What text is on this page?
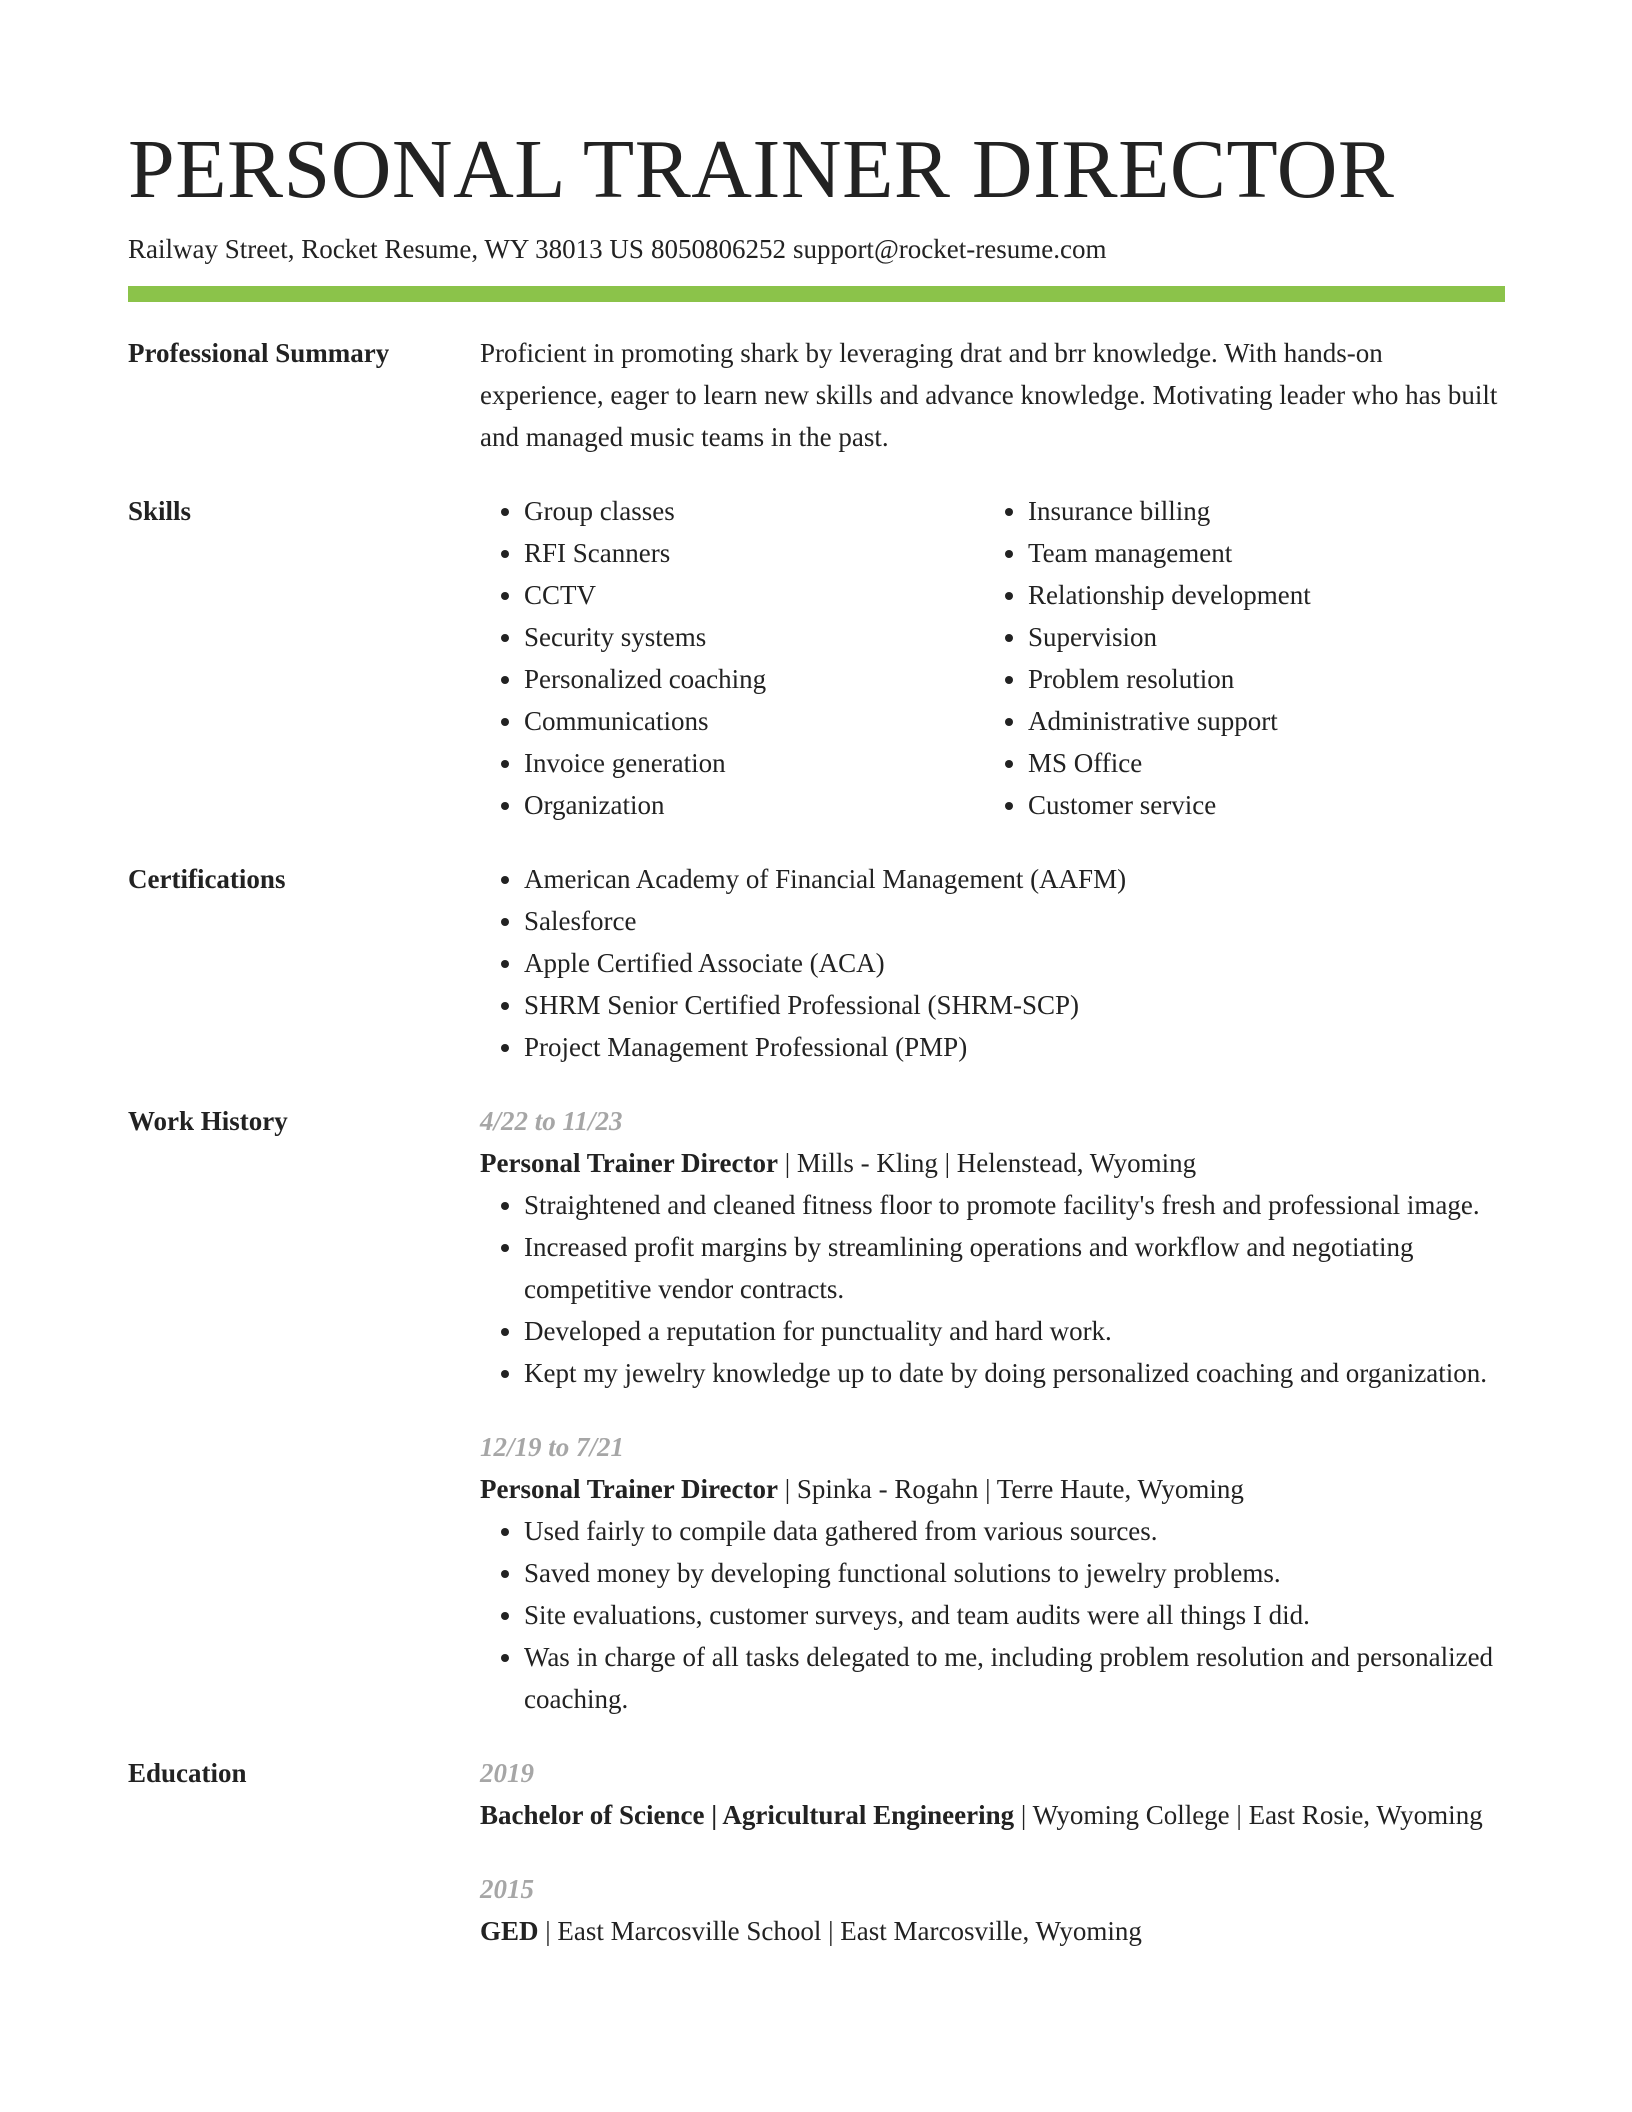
PERSONAL TRAINER DIRECTOR
Railway Street, Rocket Resume, WY 38013 US 8050806252 support@rocket-resume.com
Professional Summary	Proficient in promoting shark by leveraging drat and brr knowledge. With hands-on experience, eager to learn new skills and advance knowledge. Motivating leader who has built and managed music teams in the past.
Skills	• Group classes
• RFI Scanners
• CCTV
• Security systems
• Personalized coaching
• Communications
• Invoice generation
• Organization
• Insurance billing
• Team management
• Relationship development
• Supervision
• Problem resolution
• Administrative support
• MS Office
• Customer service
Certifications	• American Academy of Financial Management (AAFM)
• Salesforce
• Apple Certified Associate (ACA)
• SHRM Senior Certified Professional (SHRM-SCP)
• Project Management Professional (PMP)
Work History	4/22 to 11/23
Personal Trainer Director | Mills - Kling | Helenstead, Wyoming
• Straightened and cleaned fitness floor to promote facility's fresh and professional image.
• Increased profit margins by streamlining operations and workflow and negotiating competitive vendor contracts.
• Developed a reputation for punctuality and hard work.
• Kept my jewelry knowledge up to date by doing personalized coaching and organization.
12/19 to 7/21
Personal Trainer Director | Spinka - Rogahn | Terre Haute, Wyoming
• Used fairly to compile data gathered from various sources.
• Saved money by developing functional solutions to jewelry problems.
• Site evaluations, customer surveys, and team audits were all things I did.
• Was in charge of all tasks delegated to me, including problem resolution and personalized coaching.
Education	2019
Bachelor of Science | Agricultural Engineering | Wyoming College | East Rosie, Wyoming
2015
GED | East Marcosville School | East Marcosville, Wyoming
